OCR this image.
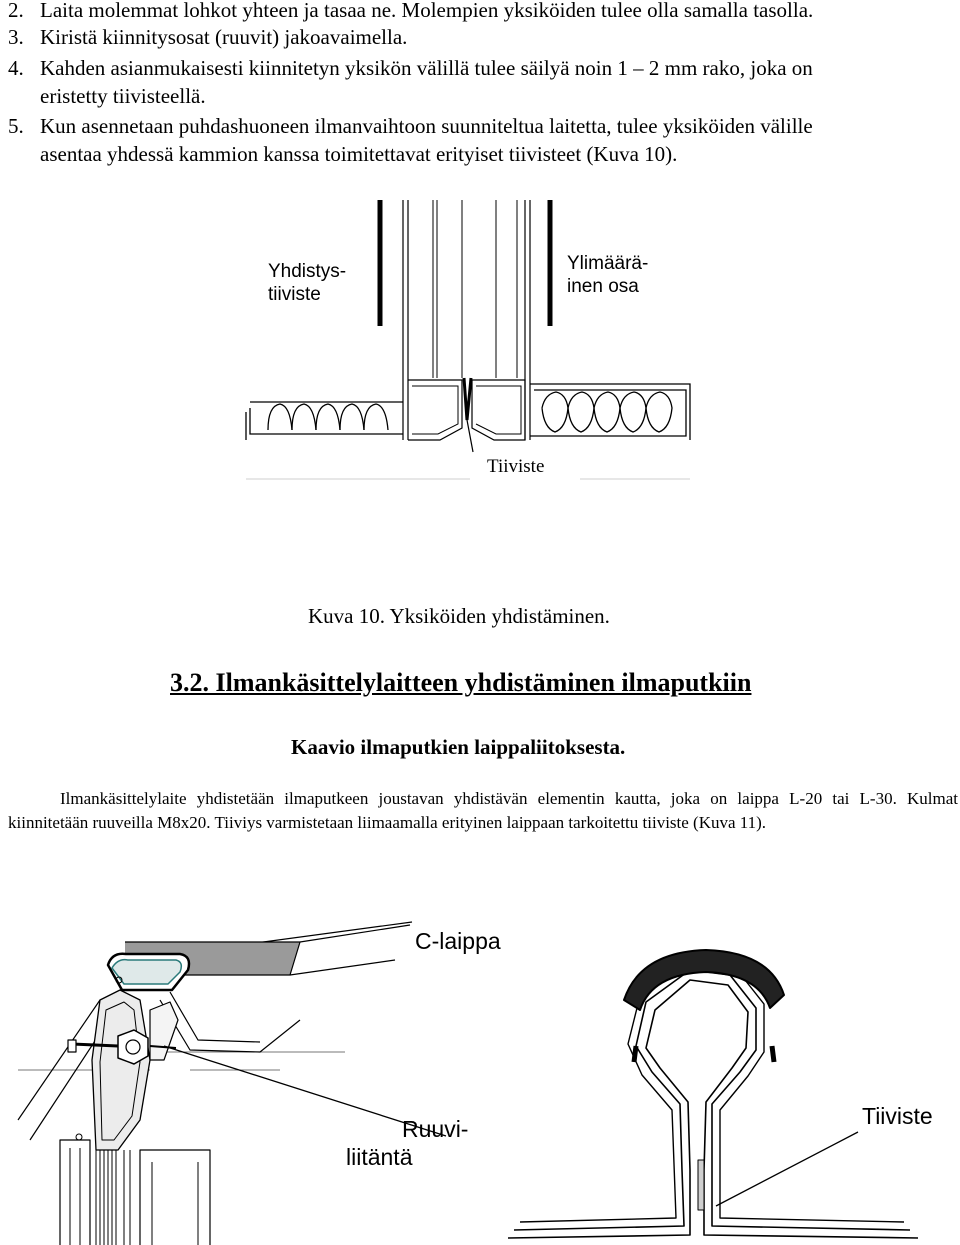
2. Laita molemmat lohkot yhteen ja tasaa ne. Molempien yksiköiden tulee olla samalla tasolla.
3. Kiristä kiinnitysosat (ruuvit) jakoavaimella.
4. Kahden asianmukaisesti kiinnitetyn yksikön välillä tulee säilyä noin 1 – 2 mm rako, joka on
eristetty tiivisteellä.
5. Kun asennetaan puhdashuoneen ilmanvaihtoon suunniteltua laitetta, tulee yksiköiden välille
asentaa yhdessä kammion kanssa toimitettavat erityiset tiivisteet (Kuva 10).
Yhdistys-
tiiviste
Ylimäärä-
inen osa
Tiiviste
Kuva 10. Yksiköiden yhdistäminen.
3.2. Ilmankäsittelylaitteen yhdistäminen ilmaputkiin
Kaavio ilmaputkien laippaliitoksesta.
Ilmankäsittelylaite yhdistetään ilmaputkeen joustavan yhdistävän elementin kautta, joka on laippa L-20 tai L-30. Kulmat kiinnitetään ruuveilla M8x20. Tiiviys varmistetaan liimaamalla erityinen laippaan tarkoitettu tiiviste (Kuva 11).
C-laippa
Ruuvi-
liitäntä
Tiiviste
